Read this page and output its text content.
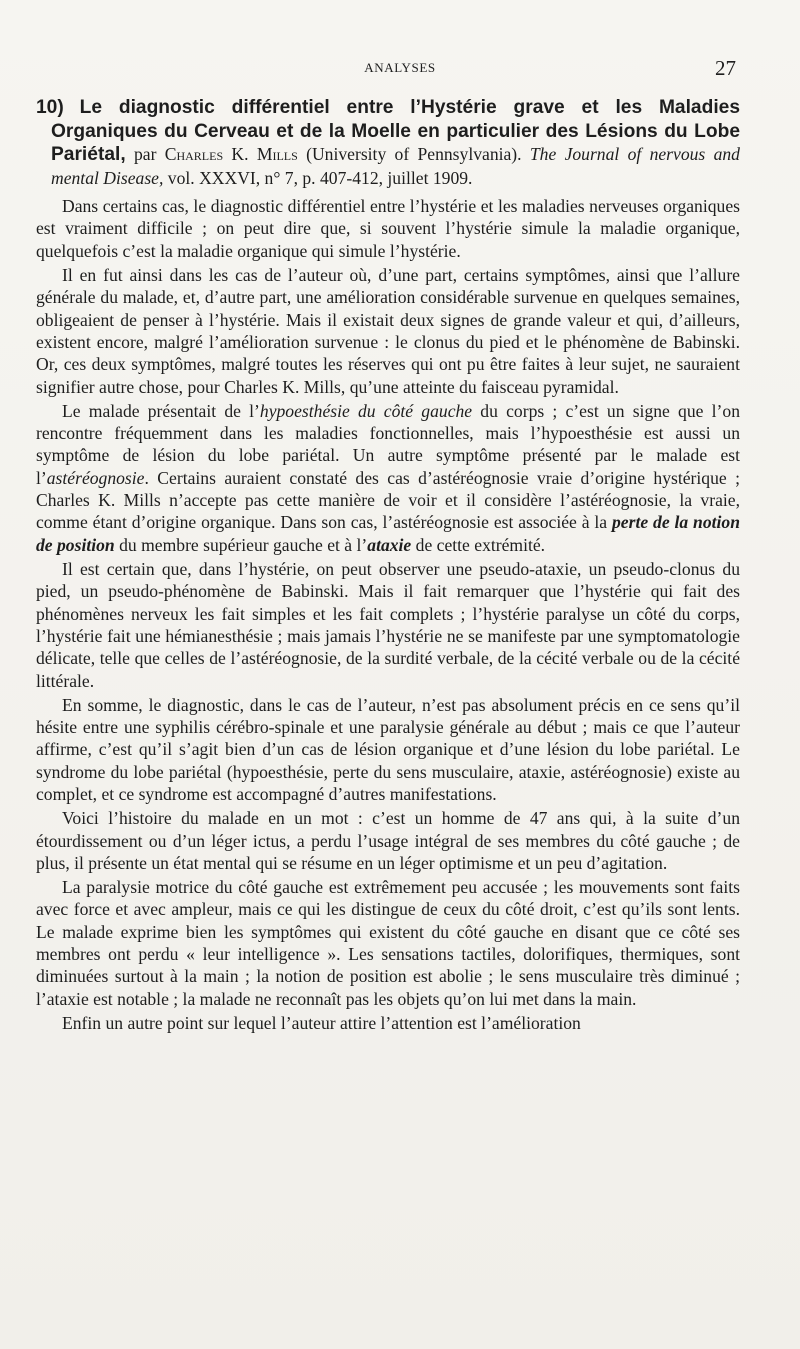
ANALYSES	27
10) Le diagnostic différentiel entre l’Hystérie grave et les Maladies Organiques du Cerveau et de la Moelle en particulier des Lésions du Lobe Pariétal, par Charles K. Mills (University of Pennsylvania). The Journal of nervous and mental Disease, vol. XXXVI, n° 7, p. 407-412, juillet 1909.

Dans certains cas, le diagnostic différentiel entre l’hystérie et les maladies nerveuses organiques est vraiment difficile ; on peut dire que, si souvent l’hystérie simule la maladie organique, quelquefois c’est la maladie organique qui simule l’hystérie.

Il en fut ainsi dans les cas de l’auteur où, d’une part, certains symptômes, ainsi que l’allure générale du malade, et, d’autre part, une amélioration considérable survenue en quelques semaines, obligeaient de penser à l’hystérie. Mais il existait deux signes de grande valeur et qui, d’ailleurs, existent encore, malgré l’amélioration survenue : le clonus du pied et le phénomène de Babinski. Or, ces deux symptômes, malgré toutes les réserves qui ont pu être faites à leur sujet, ne sauraient signifier autre chose, pour Charles K. Mills, qu’une atteinte du faisceau pyramidal.

Le malade présentait de l’hypoesthésie du côté gauche du corps ; c’est un signe que l’on rencontre fréquemment dans les maladies fonctionnelles, mais l’hypoesthésie est aussi un symptôme de lésion du lobe pariétal. Un autre symptôme présenté par le malade est l’astéréognosie. Certains auraient constaté des cas d’astéréognosie vraie d’origine hystérique ; Charles K. Mills n’accepte pas cette manière de voir et il considère l’astéréognosie, la vraie, comme étant d’origine organique. Dans son cas, l’astéréognosie est associée à la perte de la notion de position du membre supérieur gauche et à l’ataxie de cette extrémité.

Il est certain que, dans l’hystérie, on peut observer une pseudo-ataxie, un pseudo-clonus du pied, un pseudo-phénomène de Babinski. Mais il fait remarquer que l’hystérie qui fait des phénomènes nerveux les fait simples et les fait complets ; l’hystérie paralyse un côté du corps, l’hystérie fait une hémianesthésie ; mais jamais l’hystérie ne se manifeste par une symptomatologie délicate, telle que celles de l’astéréognosie, de la surdité verbale, de la cécité verbale ou de la cécité littérale.

En somme, le diagnostic, dans le cas de l’auteur, n’est pas absolument précis en ce sens qu’il hésite entre une syphilis cérébro-spinale et une paralysie générale au début ; mais ce que l’auteur affirme, c’est qu’il s’agit bien d’un cas de lésion organique et d’une lésion du lobe pariétal. Le syndrome du lobe pariétal (hypoesthésie, perte du sens musculaire, ataxie, astéréognosie) existe au complet, et ce syndrome est accompagné d’autres manifestations.

Voici l’histoire du malade en un mot : c’est un homme de 47 ans qui, à la suite d’un étourdissement ou d’un léger ictus, a perdu l’usage intégral de ses membres du côté gauche ; de plus, il présente un état mental qui se résume en un léger optimisme et un peu d’agitation.

La paralysie motrice du côté gauche est extrêmement peu accusée ; les mouvements sont faits avec force et avec ampleur, mais ce qui les distingue de ceux du côté droit, c’est qu’ils sont lents. Le malade exprime bien les symptômes qui existent du côté gauche en disant que ce côté ses membres ont perdu « leur intelligence ». Les sensations tactiles, dolorifiques, thermiques, sont diminuées surtout à la main ; la notion de position est abolie ; le sens musculaire très diminué ; l’ataxie est notable ; la malade ne reconnaît pas les objets qu’on lui met dans la main.

Enfin un autre point sur lequel l’auteur attire l’attention est l’amélioration
